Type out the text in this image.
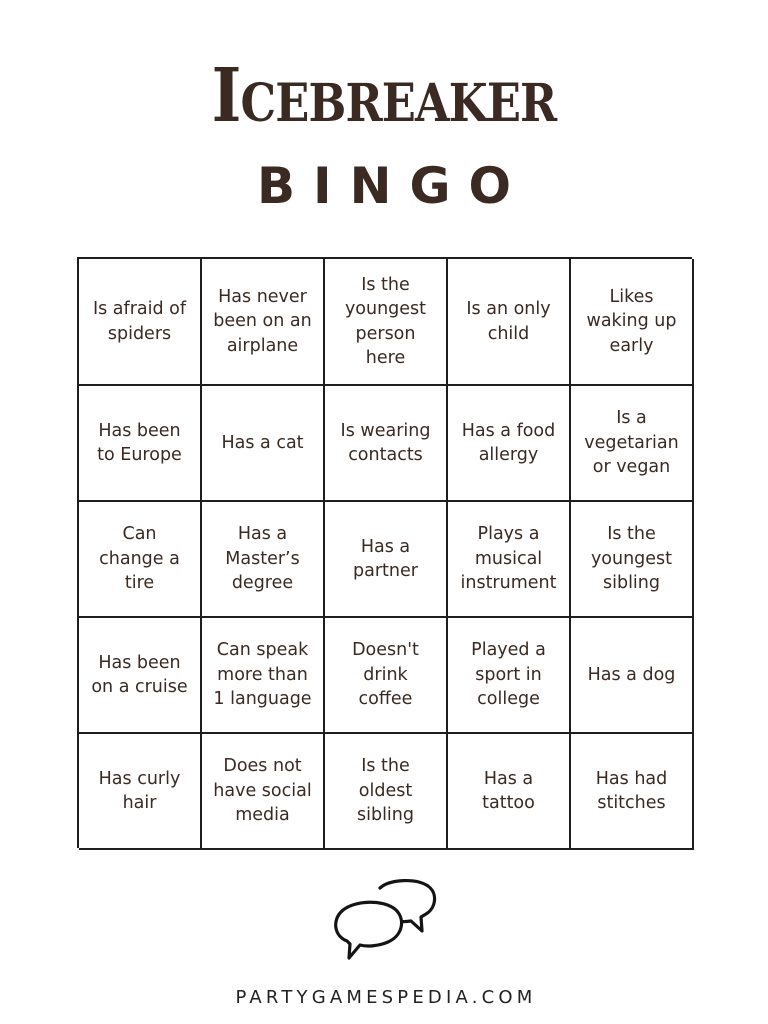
Icebreaker
BINGO
Is afraid of spiders
Has never been on an airplane
Is the youngest person here
Is an only child
Likes waking up early
Has been to Europe
Has a cat
Is wearing contacts
Has a food allergy
Is a vegetarian or vegan
Can change a tire
Has a Master’s degree
Has a partner
Plays a musical instrument
Is the youngest sibling
Has been on a cruise
Can speak more than 1 language
Doesn't drink coffee
Played a sport in college
Has a dog
Has curly hair
Does not have social media
Is the oldest sibling
Has a tattoo
Has had stitches
PARTYGAMESPEDIA.COM
